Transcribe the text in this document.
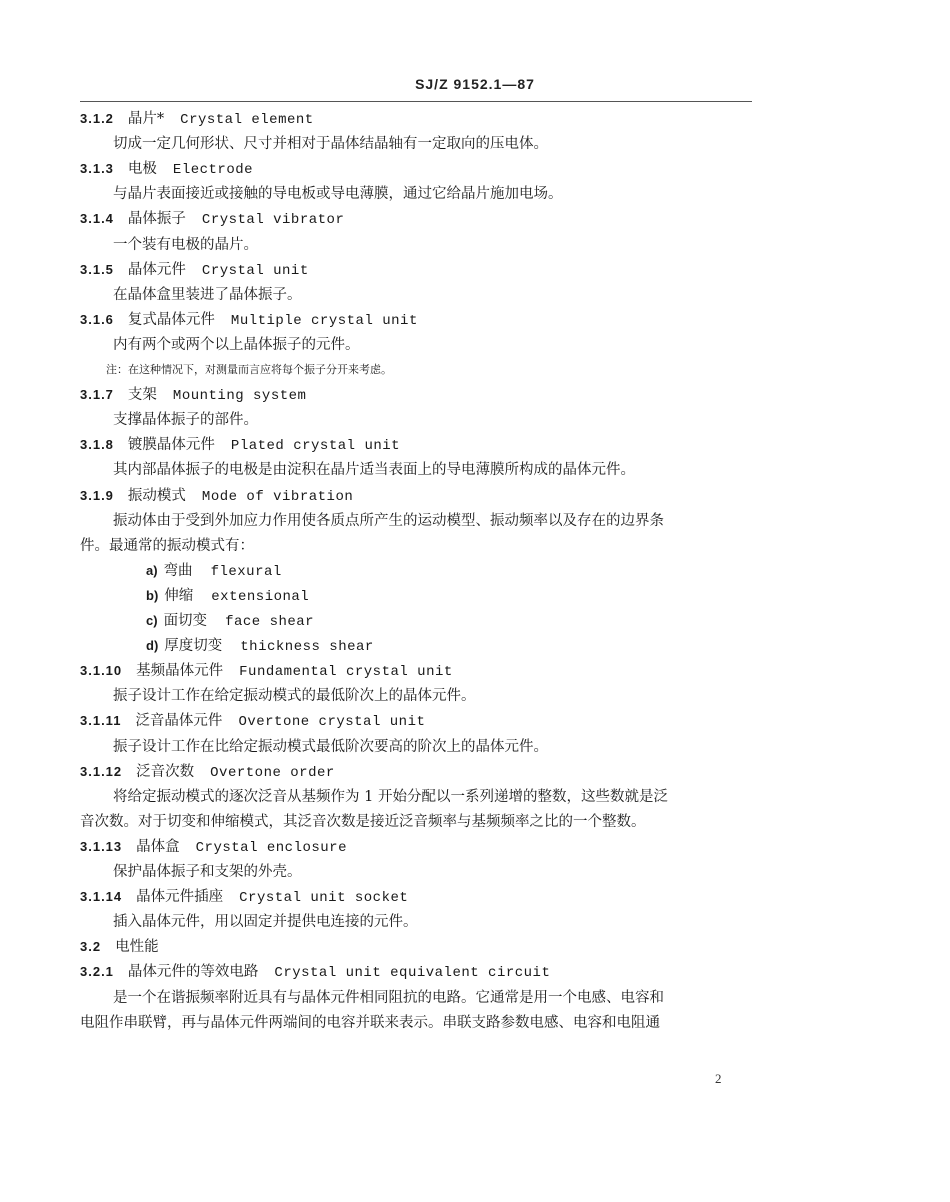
SJ/Z 9152.1—87
3.1.2 晶片* Crystal element
切成一定几何形状、尺寸并相对于晶体结晶轴有一定取向的压电体。
3.1.3 电极 Electrode
与晶片表面接近或接触的导电板或导电薄膜，通过它给晶片施加电场。
3.1.4 晶体振子 Crystal vibrator
一个装有电极的晶片。
3.1.5 晶体元件 Crystal unit
在晶体盒里装进了晶体振子。
3.1.6 复式晶体元件 Multiple crystal unit
内有两个或两个以上晶体振子的元件。
注：在这种情况下，对测量而言应将每个振子分开来考虑。
3.1.7 支架 Mounting system
支撑晶体振子的部件。
3.1.8 镀膜晶体元件 Plated crystal unit
其内部晶体振子的电极是由淀积在晶片适当表面上的导电薄膜所构成的晶体元件。
3.1.9 振动模式 Mode of vibration
振动体由于受到外加应力作用使各质点所产生的运动模型、振动频率以及存在的边界条
件。最通常的振动模式有：
a) 弯曲 flexural
b) 伸缩 extensional
c) 面切变 face shear
d) 厚度切变 thickness shear
3.1.10 基频晶体元件 Fundamental crystal unit
振子设计工作在给定振动模式的最低阶次上的晶体元件。
3.1.11 泛音晶体元件 Overtone crystal unit
振子设计工作在比给定振动模式最低阶次要高的阶次上的晶体元件。
3.1.12 泛音次数 Overtone order
将给定振动模式的逐次泛音从基频作为 1 开始分配以一系列递增的整数，这些数就是泛
音次数。对于切变和伸缩模式，其泛音次数是接近泛音频率与基频频率之比的一个整数。
3.1.13 晶体盒 Crystal enclosure
保护晶体振子和支架的外壳。
3.1.14 晶体元件插座 Crystal unit socket
插入晶体元件，用以固定并提供电连接的元件。
3.2 电性能
3.2.1 晶体元件的等效电路 Crystal unit equivalent circuit
是一个在谐振频率附近具有与晶体元件相同阻抗的电路。它通常是用一个电感、电容和
电阻作串联臂，再与晶体元件两端间的电容并联来表示。串联支路参数电感、电容和电阻通
2
